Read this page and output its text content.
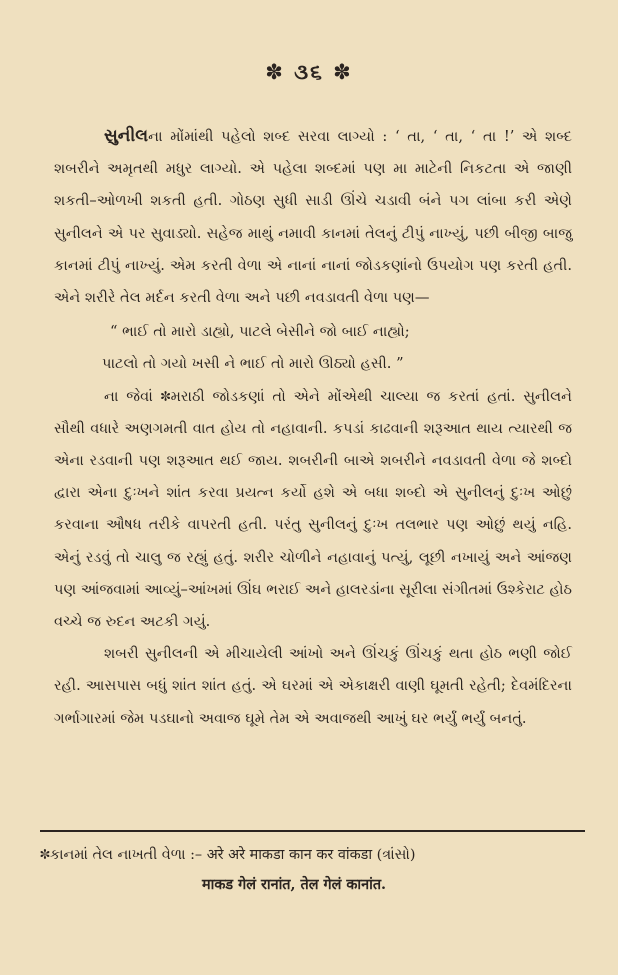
✽ ૩૬ ✽

સુનીલના મોંમાંથી પહેલો શબ્દ સરવા લાગ્યો : ‘ તા, ‘ તા, ‘ તા !’ એ શબ્દ શબરીને અમૃતથી મધુર લાગ્યો. એ પહેલા શબ્દમાં પણ મા માટેની નિકટતા એ જાણી શકતી–ઓળખી શકતી હતી. ગોઠણ સુધી સાડી ઊંચે ચડાવી બંને પગ લાંબા કરી એણે સુનીલને એ પર સુવાડ્યો. સહેજ માથું નમાવી કાનમાં તેલનું ટીપું નાખ્યું, પછી બીજી બાજુ કાનમાં ટીપું નાખ્યું. એમ કરતી વેળા એ નાનાં નાનાં જોડકણાંનો ઉપયોગ પણ કરતી હતી. એને શરીરે તેલ મર્દન કરતી વેળા અને પછી નવડાવતી વેળા પણ—

“ ભાઈ તો મારો ડાહ્યો, પાટલે બેસીને જો બાઈ નાહ્યો;
પાટલો તો ગયો ખસી ને ભાઈ તો મારો ઊઠ્યો હસી. ”

ના જેવાં ✽મરાઠી જોડકણાં તો એને મોંએથી ચાલ્યા જ કરતાં હતાં. સુનીલને સૌથી વધારે અણગમતી વાત હોય તો નહાવાની. કપડાં કાઢવાની શરૂઆત થાય ત્યારથી જ એના રડવાની પણ શરૂઆત થઈ જાય. શબરીની બાએ શબરીને નવડાવતી વેળા જે શબ્દો દ્વારા એના દુઃખને શાંત કરવા પ્રયત્ન કર્યો હશે એ બધા શબ્દો એ સુનીલનું દુઃખ ઓછું કરવાના ઔષધ તરીકે વાપરતી હતી. પરંતુ સુનીલનું દુઃખ તલભાર પણ ઓછું થયું નહિ. એનું રડવું તો ચાલુ જ રહ્યું હતું. શરીર ચોળીને નહાવાનું પત્યું, લૂછી નખાયું અને આંજણ પણ આંજવામાં આવ્યું–આંખમાં ઊંઘ ભરાઈ અને હાલરડાંના સૂરીલા સંગીતમાં ઉશ્કેરાટ હોઠ વચ્ચે જ રુદન અટકી ગયું.

શબરી સુનીલની એ મીચાયેલી આંખો અને ઊંચકું ઊંચકું થતા હોઠ ભણી જોઈ રહી. આસપાસ બધું શાંત શાંત હતું. એ ઘરમાં એ એકાક્ષરી વાણી ઘૂમતી રહેતી; દેવમંદિરના ગર્ભાગારમાં જેમ પડઘાનો અવાજ ઘૂમે તેમ એ અવાજથી આખું ઘર ભર્યું ભર્યું બનતું.

✽કાનમાં તેલ નાખતી વેળા :– अरे अरे माकडा कान कर वांकडा (ત્રાંસો)
माकड गेलं रानांत, तेल गेलं कानांत.
